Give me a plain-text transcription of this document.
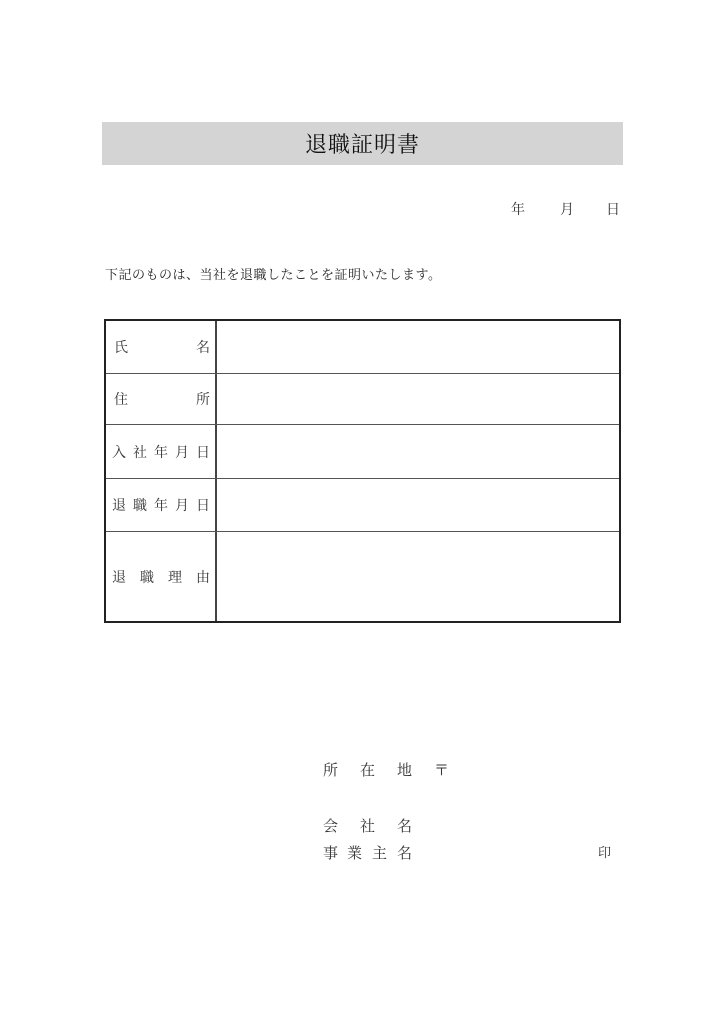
退職証明書
年	月 日
下記のものは、当社を退職したことを証明いたします。
氏	名
住	所
入 社 年 月 日
退 職 年 月 日
退 職 理 由
所 在 地 〒
会 社 名
事 業 主 名	印
